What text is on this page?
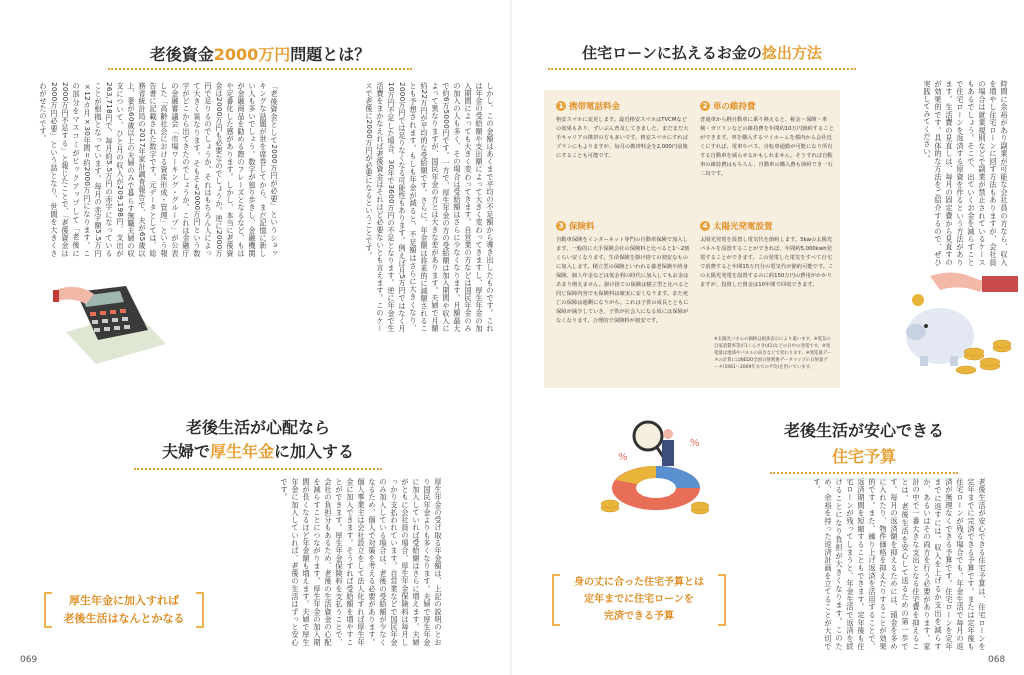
老後資金2000万円問題とは？
「老後資金として2000万円が必要」というショッキングな話題が世を席巻してから、まだ記憶に新しい人も多いでしょう。数字が独り歩きし、金融機関が金融商品を勧める際のフレーズとなるなど、もはや定番化した感があります。しかし、本当に老後資金は2000万円も必要なのでしょうか。逆に2000万円で足りるのでしょうか。それはもちろん人によって大きく異なります。そもそも2000万円という数字がどこから出てきたのでしょうか。これは金融庁の金融審議会「市場ワーキング・グループ」が公表した「高齢社会における資産形成・管理」という報告書に記載された数字です。元データとしては、総務省統計局の2017年家計調査報告で、夫が65歳以上、妻が60歳以上の夫婦のみで暮らす無職夫婦の収支について、ひと月の収入が209,198円、支出が263,718円で、毎月約5.5万円の赤字になっていることが根拠となっています。毎月の赤字額5.5万円×12カ月×30年間=約2000万円になります。この部分をマスコミがピックアップして「老後に2000万円不足する」と報じたことで、「老後資金は2000万円必要」という話となり、世間を大きくさわがせたのです。	しかし、この金額はあくまで平均の不足額から導き出したものです。これは年金の受給額や支出額によって大きく変わってきますし、厚生年金の加入期間によっても大きく変わってきます。自営業の方などは国民年金のみの加入の人も多く、その場合は受給額はさらに少なくなります。月額最大で約6万5000円です。一方で、厚生年金の方の受給額は加入期間や収入によって異なりますが、国民年金の方とは大きな差があります。夫婦で月額約22万円が平均的な受給額です。さらに、年金額は将来的に減額されることも予想されます。もしも年金が減ると、不足額はさらに大きくなり、2000万円では足りなくなる可能性もあります。例えば月5万円ではなく月10万円不足した場合、30年で3600万円の不足となります。逆に年金で生活費をまかなえれば老後資金はそれほど必要ないとも言えます。このケースで老後に2000万円が必要になるということです。
老後生活が心配なら
夫婦で厚生年金に加入する
厚生年金の受け取る年金額は、上記の説明のとおり国民年金よりも多くなります。夫婦で厚生年金に加入していれば受給額はさらに増えます。夫婦がともに会社員の場合、厚生年金保険料は毎月しっかり支払われています。自営業などで国民年金のみ加入している場合は、老後の受給額が少なくなるため、個人で対策を考える必要があります。個人事業主は会社設立をして法人化すれば厚生年金に加入できます。そうすれば受給額を増やすことができます。厚生年金保険料を支払うことで、会社の負担分もあるため、老後の生活資金の心配を減らすことにつながります。厚生年金の加入期間が長くなるほど年金額も増えます。夫婦で厚生年金に加入していれば、老後の生活はずっと安心です。
厚生年金に加入すれば
老後生活はなんとかなる
069
時間に余裕があり副業が可能な会社員の方なら、収入を増やし住宅ローンに回す方法もありますが、会社員の場合は就業規則などで副業が禁止されているケースもあるでしょう。そこで、出ていくお金を減らすことで住宅ローンを返済する原資を作るという方法があります。生活費の見直しは、毎月の固定費から見直すのが効果的です。具体的な方法をご紹介するので、ぜひ実践してみてください。
住宅ローンに払えるお金の捻出方法
068
1 携帯電話料金
格安スマホに変更します。最近格安スマホはTVCMなどの効果もあり、ずいぶん普及してきました。まだまだ大手キャリアの携帯の方も多いです。格安スマホにすればプランにもよりますが、毎月の携帯料金を2,000円前後にすることも可能です。
2 車の維持費
普通車から軽自動車に乗り換えると、税金・保険・車検・ガソリンなどの維持費を年間約10万円節約することができます。車を購入するマイホームを都内から会社近くにすれば、電車やバス、自転車通勤が可能になり所有する自動車を減らせるかもしれません。そうすれば自動車の維持費はもちろん、自動車の購入費も節約でき一石二鳥です。
3 保険料
自動車保険をインターネット専門の自動車保険で加入します。一般的に大手保険会社の保険料と比べると1～2割くらい安くなります。生命保険を掛け捨ての割安なものに加入します。積立型の保険といわれる養老保険や終身保険、個人年金などは低金利の時代に加入してもお金はあまり増えません。掛け捨ての保険は積立型と比べると同じ保障内容でも保険料は確実に安くなります。また死亡の保障は過剰になりがち。これは子供の成長とともに保障が減少していき、子供が社会人になる頃には保障がなくなります。合理的で保険料が割安です。
4 太陽光発電設置
太陽光発電を設置し電気代を節約します。5kwの太陽光パネルを設置することができれば、年間約5,000kwh発電することができます。この発電した電気をすべて自宅で消費すると年間15万円分の電気代が節約可能です。この太陽光発電を設置するのに約150万円の費用がかかりますが、投資した資金は10年間で回収できます。
※太陽光パネルの価格は税抜表示により違います。※電気の自家消費率等が1くらさき(41)などの日中の発電です。※発電量は地域やパネルの向きなどで変わります。※発電量データの計算にはNEDO全国日射関連データマップの日射量データ(1981～2009年までの平均)を用いています。
%
%
老後生活が安心できる
住宅予算
老後生活が安心できる住宅予算は、住宅ローンを定年までに完済できる予算です。または定年後も住宅ローンが残る場合でも、年金生活で毎月の返済が無理なくできる予算です。住宅ローンを定年までに返すには、収入を上げるか支出を減らすか、あるいはその両方を行う必要があります。家計の中で一番大きな支出となる住宅費を抑えることは、老後生活を安心して送るための第一歩です。毎月の返済額を抑えるためには、頭金を多めに入れたり、物件価格を抑えたりすることが効果的です。また、繰り上げ返済を活用することで、返済期間を短縮することもできます。定年後も住宅ローンが残ってしまうと、年金生活で返済を続けることになり負担が大きくなります。このため、余裕を持った返済計画を立てることが大切です。
身の丈に合った住宅予算とは
定年までに住宅ローンを
完済できる予算
